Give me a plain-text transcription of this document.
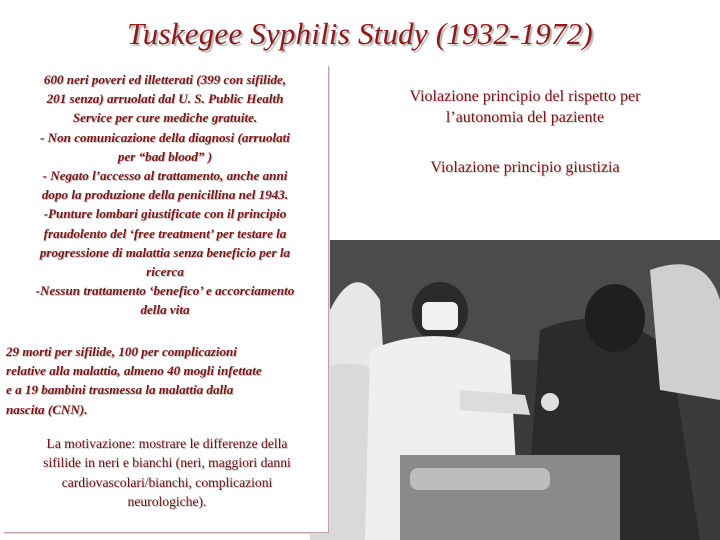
Tuskegee Syphilis Study (1932-1972)

600 neri poveri ed illetterati (399 con sifilide,
201 senza) arruolati dal U. S. Public Health
Service per cure mediche gratuite.
- Non comunicazione della diagnosi (arruolati
per “bad blood” )
- Negato l’accesso al trattamento, anche anni
dopo la produzione della penicillina nel 1943.
-Punture lombari giustificate con il principio
fraudolento del ‘free treatment’ per testare la
progressione di malattia senza beneficio per la
ricerca
-Nessun trattamento ‘benefico’ e accorciamento
della vita

29 morti per sifilide, 100 per complicazioni
relative alla malattia, almeno 40 mogli infettate
e a 19 bambini trasmessa la malattia dalla
nascita (CNN).

La motivazione: mostrare le differenze della
sifilide in neri e bianchi (neri, maggiori danni
cardiovascolari/bianchi, complicazioni
neurologiche).

Violazione principio del rispetto per
l’autonomia del paziente
Violazione principio giustizia
